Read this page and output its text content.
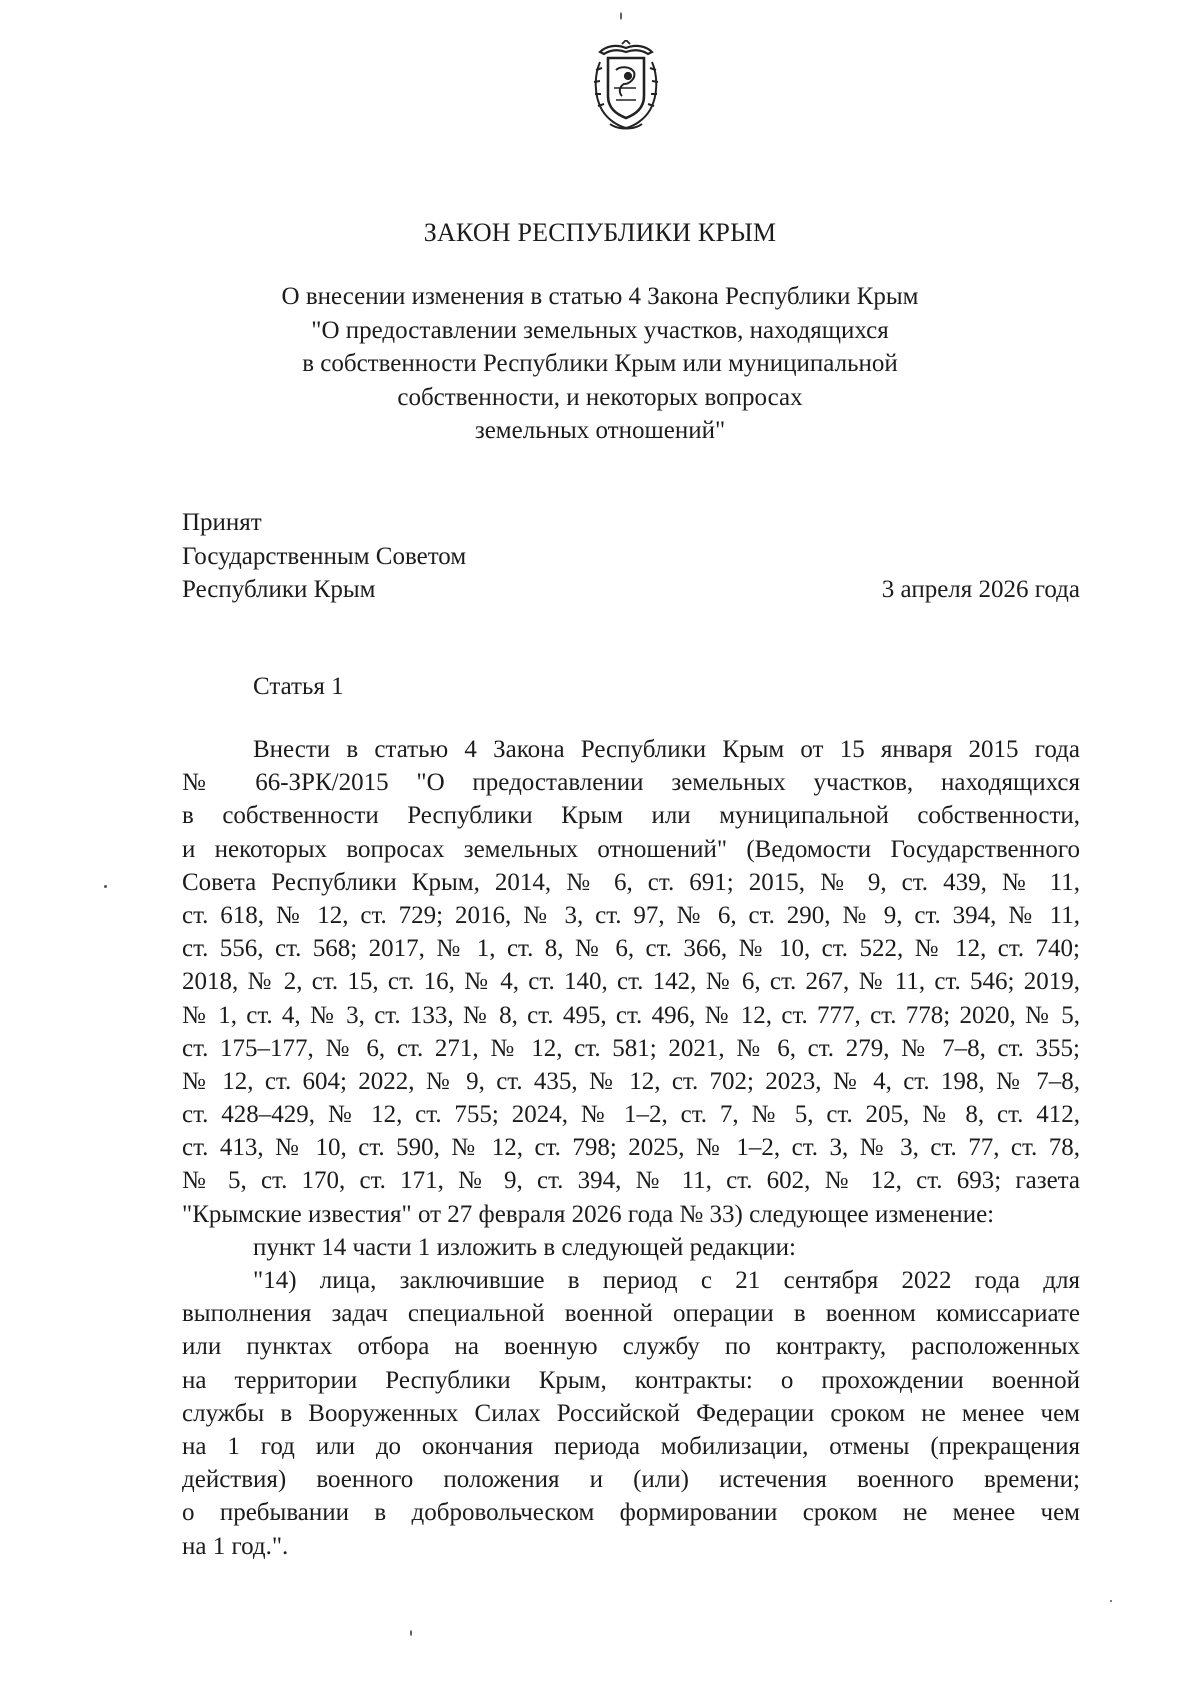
ЗАКОН РЕСПУБЛИКИ КРЫМ
О внесении изменения в статью 4 Закона Республики Крым
"О предоставлении земельных участков, находящихся
в собственности Республики Крым или муниципальной
собственности, и некоторых вопросах
земельных отношений"
Принят
Государственным Советом
Республики Крым	3 апреля 2026 года
Статья 1
Внести в статью 4 Закона Республики Крым от 15 января 2015 года
№ 66-ЗРК/2015 "О предоставлении земельных участков, находящихся
в собственности Республики Крым или муниципальной собственности,
и некоторых вопросах земельных отношений" (Ведомости Государственного
Совета Республики Крым, 2014, № 6, ст. 691; 2015, № 9, ст. 439, № 11,
ст. 618, № 12, ст. 729; 2016, № 3, ст. 97, № 6, ст. 290, № 9, ст. 394, № 11,
ст. 556, ст. 568; 2017, № 1, ст. 8, № 6, ст. 366, № 10, ст. 522, № 12, ст. 740;
2018, № 2, ст. 15, ст. 16, № 4, ст. 140, ст. 142, № 6, ст. 267, № 11, ст. 546; 2019,
№ 1, ст. 4, № 3, ст. 133, № 8, ст. 495, ст. 496, № 12, ст. 777, ст. 778; 2020, № 5,
ст. 175–177, № 6, ст. 271, № 12, ст. 581; 2021, № 6, ст. 279, № 7–8, ст. 355;
№ 12, ст. 604; 2022, № 9, ст. 435, № 12, ст. 702; 2023, № 4, ст. 198, № 7–8,
ст. 428–429, № 12, ст. 755; 2024, № 1–2, ст. 7, № 5, ст. 205, № 8, ст. 412,
ст. 413, № 10, ст. 590, № 12, ст. 798; 2025, № 1–2, ст. 3, № 3, ст. 77, ст. 78,
№ 5, ст. 170, ст. 171, № 9, ст. 394, № 11, ст. 602, № 12, ст. 693; газета
"Крымские известия" от 27 февраля 2026 года № 33) следующее изменение:
пункт 14 части 1 изложить в следующей редакции:
"14) лица, заключившие в период с 21 сентября 2022 года для
выполнения задач специальной военной операции в военном комиссариате
или пунктах отбора на военную службу по контракту, расположенных
на территории Республики Крым, контракты: о прохождении военной
службы в Вооруженных Силах Российской Федерации сроком не менее чем
на 1 год или до окончания периода мобилизации, отмены (прекращения
действия) военного положения и (или) истечения военного времени;
о пребывании в добровольческом формировании сроком не менее чем
на 1 год.".
